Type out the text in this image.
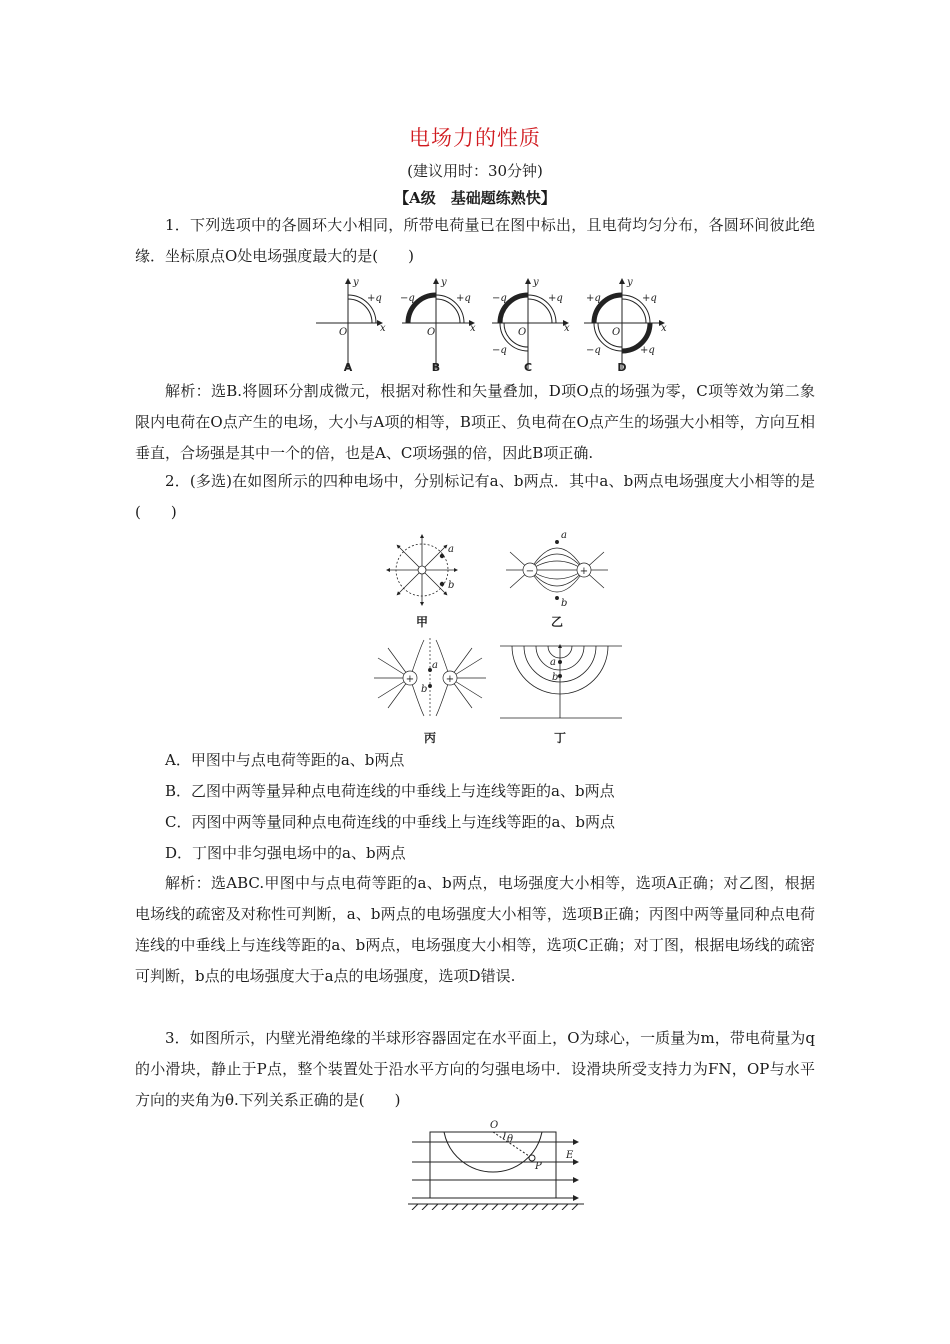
电场力的性质
(建议用时：30分钟)
【A级　基础题练熟快】

1．下列选项中的各圆环大小相同，所带电荷量已在图中标出，且电荷均匀分布，各圆环间彼此绝缘．坐标原点O处电场强度最大的是(　　)

y
x
O
+q
A
y
x
O
−q	+q
B
y
x
O
−q	+q
−q
C
y
x
O
+q	+q
−q	+q
D

解析：选B.将圆环分割成微元，根据对称性和矢量叠加，D项O点的场强为零，C项等效为第二象限内电荷在O点产生的电场，大小与A项的相等，B项正、负电荷在O点产生的场强大小相等，方向互相垂直，合场强是其中一个的倍，也是A、C项场强的倍，因此B项正确.

2．(多选)在如图所示的四种电场中，分别标记有a、b两点．其中a、b两点电场强度大小相等的是(　　)

a
b
甲
−	+
a
b
乙
+	+
a
b
丙
a
b
丁

A．甲图中与点电荷等距的a、b两点

B．乙图中两等量异种点电荷连线的中垂线上与连线等距的a、b两点

C．丙图中两等量同种点电荷连线的中垂线上与连线等距的a、b两点

D．丁图中非匀强电场中的a、b两点

解析：选ABC.甲图中与点电荷等距的a、b两点，电场强度大小相等，选项A正确；对乙图，根据电场线的疏密及对称性可判断，a、b两点的电场强度大小相等，选项B正确；丙图中两等量同种点电荷连线的中垂线上与连线等距的a、b两点，电场强度大小相等，选项C正确；对丁图，根据电场线的疏密可判断，b点的电场强度大于a点的电场强度，选项D错误.

3．如图所示，内壁光滑绝缘的半球形容器固定在水平面上，O为球心，一质量为m，带电荷量为q的小滑块，静止于P点，整个装置处于沿水平方向的匀强电场中．设滑块所受支持力为FN，OP与水平方向的夹角为θ.下列关系正确的是(　　)

O
θ
P
E
